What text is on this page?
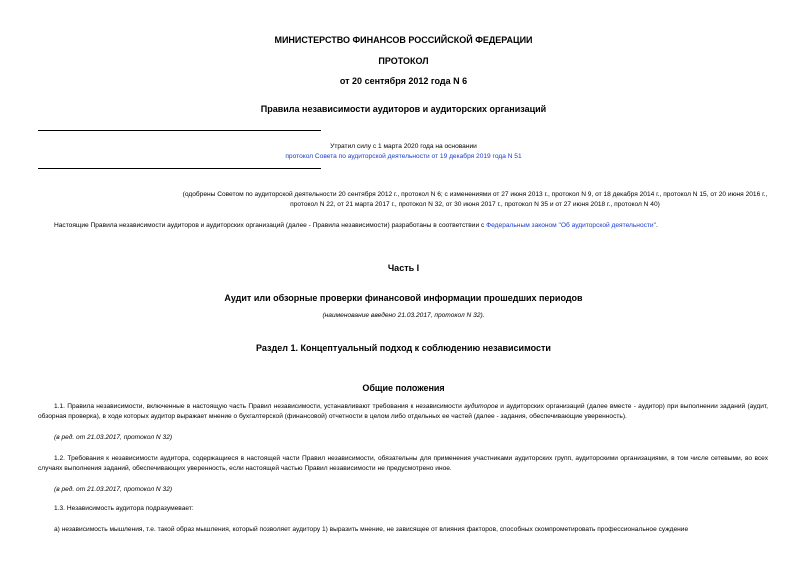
МИНИСТЕРСТВО ФИНАНСОВ РОССИЙСКОЙ ФЕДЕРАЦИИ
ПРОТОКОЛ
от 20 сентября 2012 года N 6
Правила независимости аудиторов и аудиторских организаций
Утратил силу с 1 марта 2020 года на основании
протокол Совета по аудиторской деятельности от 19 декабря 2019 года N 51
(одобрены Советом по аудиторской деятельности 20 сентября 2012 г., протокол N 6; с изменениями от 27 июня 2013 г., протокол N 9, от 18 декабря 2014 г., протокол N 15, от 20 июня 2016 г., протокол N 22, от 21 марта 2017 г., протокол N 32, от 30 июня 2017 г., протокол N 35 и от 27 июня 2018 г., протокол N 40)
Настоящие Правила независимости аудиторов и аудиторских организаций (далее - Правила независимости) разработаны в соответствии с Федеральным законом "Об аудиторской деятельности".
Часть I
Аудит или обзорные проверки финансовой информации прошедших периодов
(наименование введено 21.03.2017, протокол N 32).
Раздел 1. Концептуальный подход к соблюдению независимости
Общие положения
1.1. Правила независимости, включенные в настоящую часть Правил независимости, устанавливают требования к независимости аудиторов и аудиторских организаций (далее вместе - аудитор) при выполнении заданий (аудит, обзорная проверка), в ходе которых аудитор выражает мнение о бухгалтерской (финансовой) отчетности в целом либо отдельных ее частей (далее - задания, обеспечивающие уверенность).
(в ред. от 21.03.2017, протокол N 32)
1.2. Требования к независимости аудитора, содержащиеся в настоящей части Правил независимости, обязательны для применения участниками аудиторских групп, аудиторскими организациями, в том числе сетевыми, во всех случаях выполнения заданий, обеспечивающих уверенность, если настоящей частью Правил независимости не предусмотрено иное.
(в ред. от 21.03.2017, протокол N 32)
1.3. Независимость аудитора подразумевает:
а) независимость мышления, т.е. такой образ мышления, который позволяет аудитору 1) выразить мнение, не зависящее от влияния факторов, способных скомпрометировать профессиональное суждение
